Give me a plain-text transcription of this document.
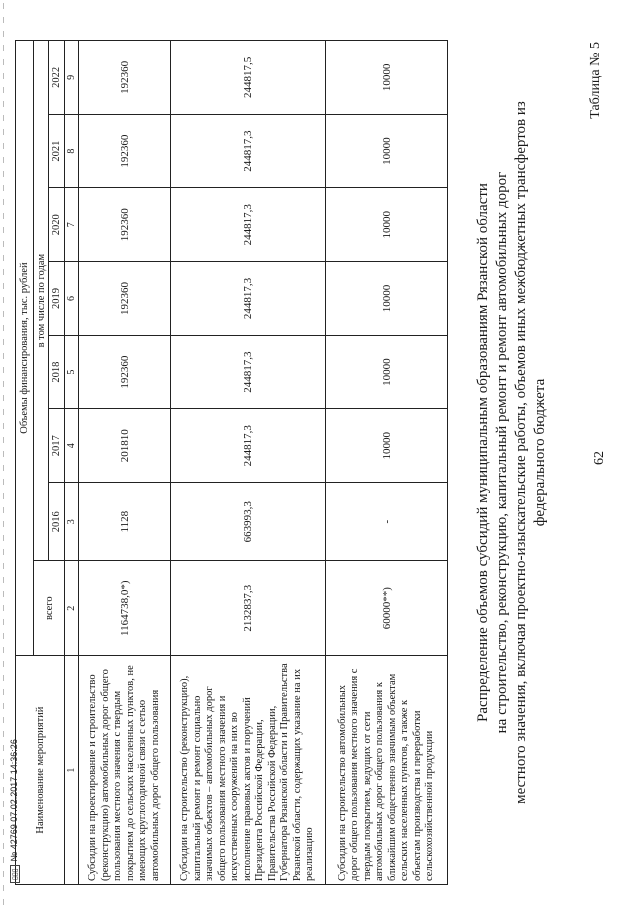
62
Таблица № 5
Распределение объемов субсидий муниципальным образованиям Рязанской области на строительство, реконструкцию, капитальный ремонт и ремонт автомобильных дорог местного значения, включая проектно-изыскательские работы, объемов иных межбюджетных трансфертов из федерального бюджета
Наименование мероприятий	Объемы финансирования, тыс. рублей							
	всего	в том числе по годам						
		2016	2017	2018	2019	2020	2021	2022

1	2	3	4	5	6	7	8	9
Субсидии на проектирование и строительство (реконструкцию) автомобильных дорог общего пользования местного значения с твердым покрытием до сельских населенных пунктов, не имеющих круглогодичной связи с сетью автомобильных дорог общего пользования	1164738,0*)	1128	201810	192360	192360	192360	192360	192360
Субсидии на строительство (реконструкцию), капитальный ремонт и ремонт социально значимых объектов – автомобильных дорог общего пользования местного значения и искусственных сооружений на них во исполнение правовых актов и поручений Президента Российской Федерации, Правительства Российской Федерации, Губернатора Рязанской области и Правительства Рязанской области, содержащих указание на их реализацию	2132837,3	663993,3	244817,3	244817,3	244817,3	244817,3	244817,3	244817,5
Субсидии на строительство автомобильных дорог общего пользования местного значения с твердым покрытием, ведущих от сети автомобильных дорог общего пользования к ближайшим общественно значимым объектам сельских населенных пунктов, а также к объектам производства и переработки сельскохозяйственной продукции	60000**)	-	10000	10000	10000	10000	10000	10000
▯▯▯№ 42769 07.02.2017 14:36:26
